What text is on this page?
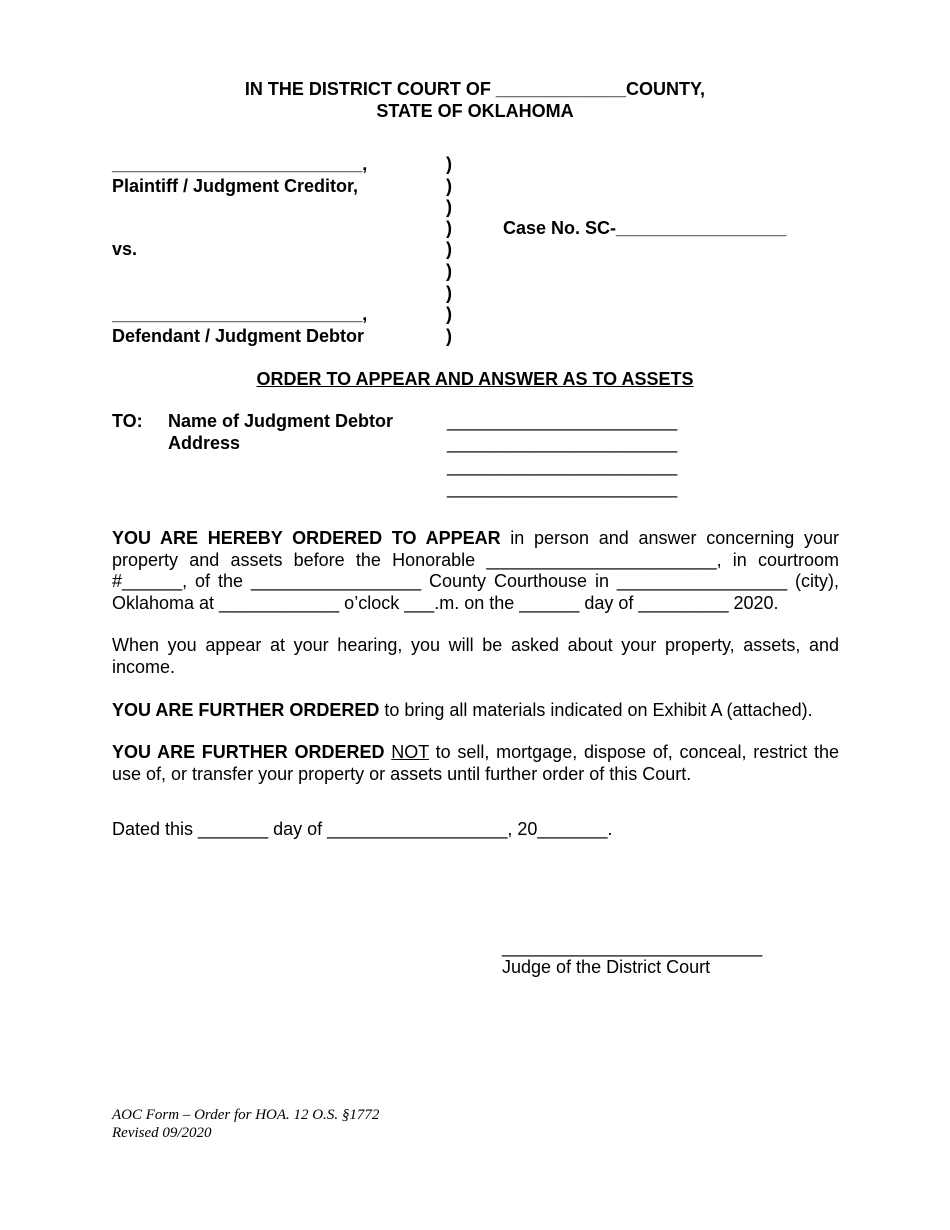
IN THE DISTRICT COURT OF _____________COUNTY,
STATE OF OKLAHOMA
_________________________,
Plaintiff / Judgment Creditor,
vs.
_________________________,
Defendant / Judgment Debtor
)
)
)
)
)
)
)
)
)
Case No. SC-_________________
ORDER TO APPEAR AND ANSWER AS TO ASSETS
TO: Name of Judgment Debtor
Address
_______________________
_______________________
_______________________
_______________________
YOU ARE HEREBY ORDERED TO APPEAR in person and answer concerning your
property and assets before the Honorable _______________________, in courtroom
#______, of the _________________ County Courthouse in _________________ (city),
Oklahoma at ____________ o’clock ___.m. on the ______ day of _________ 2020.
When you appear at your hearing, you will be asked about your property, assets, and
income.
YOU ARE FURTHER ORDERED to bring all materials indicated on Exhibit A (attached).
YOU ARE FURTHER ORDERED NOT to sell, mortgage, dispose of, conceal, restrict the
use of, or transfer your property or assets until further order of this Court.
Dated this _______ day of __________________, 20_______.
__________________________
Judge of the District Court
AOC Form – Order for HOA. 12 O.S. §1772
Revised 09/2020
